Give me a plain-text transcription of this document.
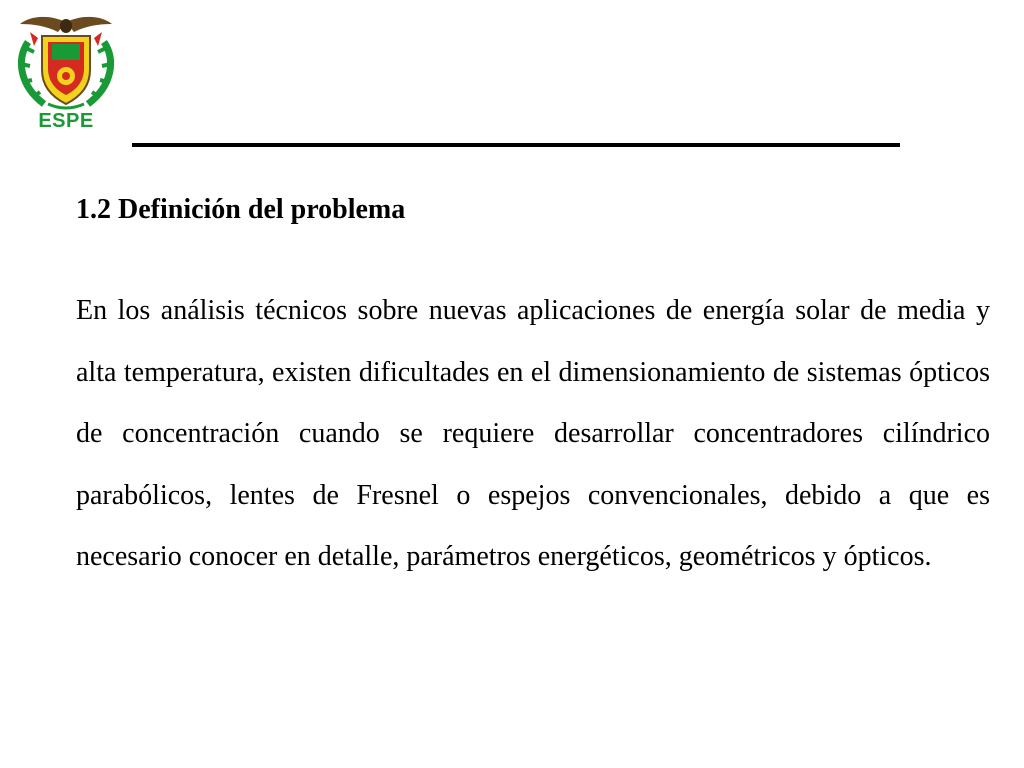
ESPE
1.2 Definición del problema

En los análisis técnicos sobre nuevas aplicaciones de energía solar de media y alta temperatura, existen dificultades en el dimensionamiento de sistemas ópticos de concentración cuando se requiere desarrollar concentradores cilíndrico parabólicos, lentes de Fresnel o espejos convencionales, debido a que es necesario conocer en detalle, parámetros energéticos, geométricos y ópticos.
